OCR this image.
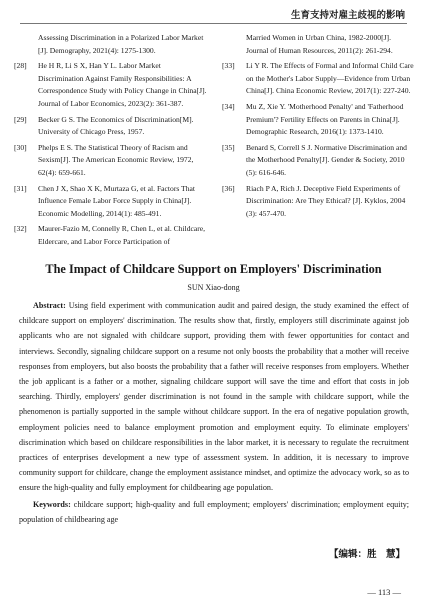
生育支持对雇主歧视的影响
Assessing Discrimination in a Polarized Labor Market [J]. Demography, 2021(4): 1275-1300.
[28] He H R, Li S X, Han Y L. Labor Market Discrimination Against Family Responsibilities: A Correspondence Study with Policy Change in China[J]. Journal of Labor Economics, 2023(2): 361-387.
[29] Becker G S. The Economics of Discrimination[M]. University of Chicago Press, 1957.
[30] Phelps E S. The Statistical Theory of Racism and Sexism[J]. The American Economic Review, 1972, 62(4): 659-661.
[31] Chen J X, Shao X K, Murtaza G, et al. Factors That Influence Female Labor Force Supply in China[J]. Economic Modelling, 2014(1): 485-491.
[32] Maurer-Fazio M, Connelly R, Chen L, et al. Childcare, Eldercare, and Labor Force Participation of
Married Women in Urban China, 1982-2000[J]. Journal of Human Resources, 2011(2): 261-294.
[33] Li Y R. The Effects of Formal and Informal Child Care on the Mother's Labor Supply—Evidence from Urban China[J]. China Economic Review, 2017(1): 227-240.
[34] Mu Z, Xie Y. 'Motherhood Penalty' and 'Fatherhood Premium'? Fertility Effects on Parents in China[J]. Demographic Research, 2016(1): 1373-1410.
[35] Benard S, Correll S J. Normative Discrimination and the Motherhood Penalty[J]. Gender & Society, 2010 (5): 616-646.
[36] Riach P A, Rich J. Deceptive Field Experiments of Discrimination: Are They Ethical? [J]. Kyklos, 2004 (3): 457-470.
The Impact of Childcare Support on Employers' Discrimination
SUN Xiao-dong

Abstract: Using field experiment with communication audit and paired design, the study examined the effect of childcare support on employers' discrimination. The results show that, firstly, employers still discriminate against job applicants who are not signaled with childcare support, providing them with fewer opportunities for contact and interviews. Secondly, signaling childcare support on a resume not only boosts the probability that a mother will receive responses from employers, but also boosts the probability that a father will receive responses from employers. Whether the job applicant is a father or a mother, signaling childcare support will save the time and effort that costs in job searching. Thirdly, employers' gender discrimination is not found in the sample with childcare support, while the phenomenon is partially supported in the sample without childcare support. In the era of negative population growth, employment policies need to balance employment promotion and employment equity. To eliminate employers' discrimination which based on childcare responsibilities in the labor market, it is necessary to regulate the recruitment practices of enterprises development a new type of assessment system. In addition, it is necessary to improve community support for childcare, change the employment assistance mindset, and optimize the advocacy work, so as to ensure the high-quality and fully employment for childbearing age population.

Keywords: childcare support; high-quality and full employment; employers' discrimination; employment equity; population of childbearing age

【编辑：胜　慧】
— 113 —
